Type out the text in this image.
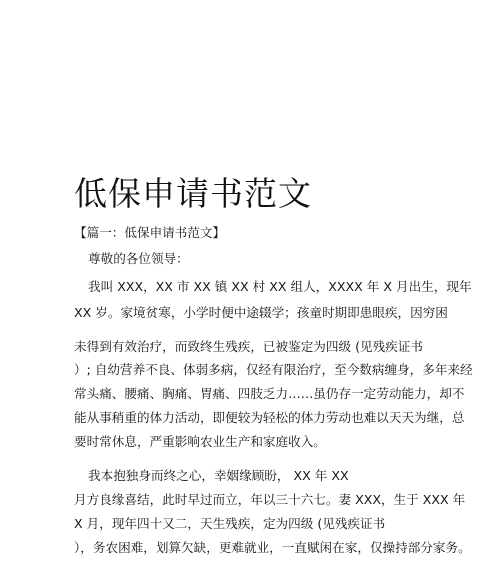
低保申请书范文
【篇一：低保申请书范文】
尊敬的各位领导：
我叫 XXX，XX 市 XX 镇 XX 村 XX 组人，XXXX 年 X 月出生，现年
XX 岁。家境贫寒，小学时便中途辍学；孩童时期即患眼疾，因穷困
未得到有效治疗，而致终生残疾，已被鉴定为四级 (见残疾证书
）; 自幼营养不良、体弱多病，仅经有限治疗，至今数病缠身，多年来经
常头痛、腰痛、胸痛、胃痛、四肢乏力……虽仍存一定劳动能力，却不
能从事稍重的体力活动，即便较为轻松的体力劳动也难以天天为继，总
要时常休息，严重影响农业生产和家庭收入。
我本抱独身而终之心，幸姻缘顾盼， XX 年 XX
月方良缘喜结，此时早过而立，年以三十六七。妻 XXX，生于 XXX 年
X 月，现年四十又二，天生残疾，定为四级 (见残疾证书
），务农困难，划算欠缺，更难就业，一直赋闲在家，仅操持部分家务。
